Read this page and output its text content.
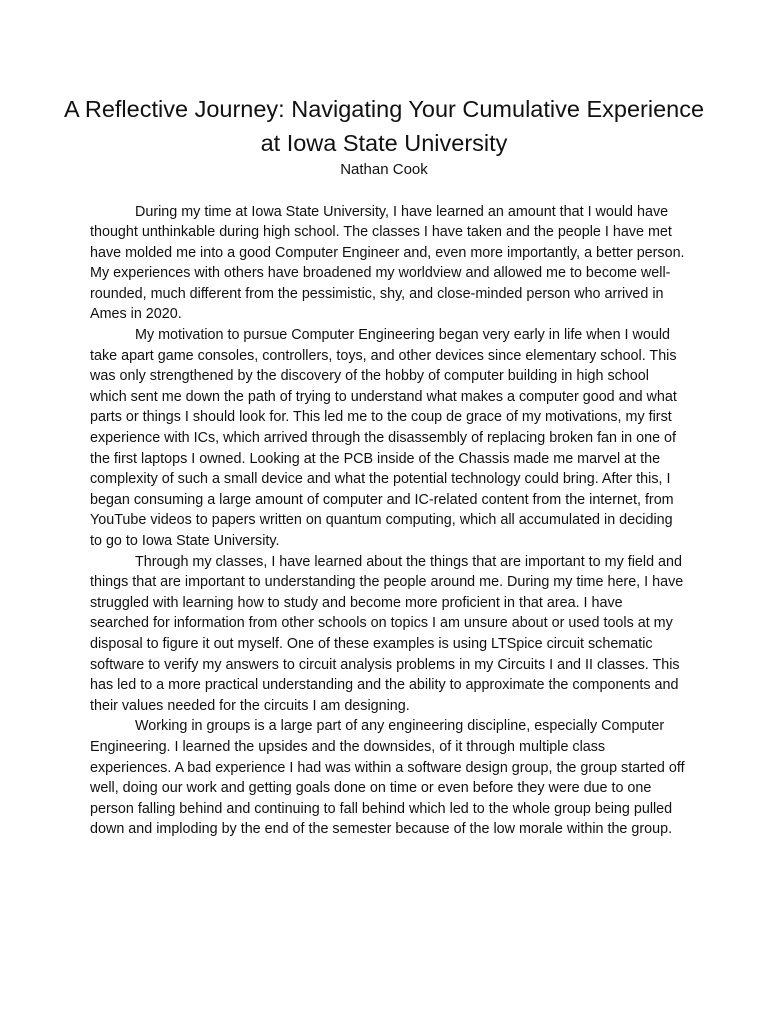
A Reflective Journey: Navigating Your Cumulative Experience at Iowa State University
Nathan Cook

During my time at Iowa State University, I have learned an amount that I would have thought unthinkable during high school. The classes I have taken and the people I have met have molded me into a good Computer Engineer and, even more importantly, a better person. My experiences with others have broadened my worldview and allowed me to become well-rounded, much different from the pessimistic, shy, and close-minded person who arrived in Ames in 2020.

My motivation to pursue Computer Engineering began very early in life when I would take apart game consoles, controllers, toys, and other devices since elementary school. This was only strengthened by the discovery of the hobby of computer building in high school which sent me down the path of trying to understand what makes a computer good and what parts or things I should look for. This led me to the coup de grace of my motivations, my first experience with ICs, which arrived through the disassembly of replacing broken fan in one of the first laptops I owned. Looking at the PCB inside of the Chassis made me marvel at the complexity of such a small device and what the potential technology could bring. After this, I began consuming a large amount of computer and IC-related content from the internet, from YouTube videos to papers written on quantum computing, which all accumulated in deciding to go to Iowa State University.

Through my classes, I have learned about the things that are important to my field and things that are important to understanding the people around me. During my time here, I have struggled with learning how to study and become more proficient in that area. I have searched for information from other schools on topics I am unsure about or used tools at my disposal to figure it out myself. One of these examples is using LTSpice circuit schematic software to verify my answers to circuit analysis problems in my Circuits I and II classes. This has led to a more practical understanding and the ability to approximate the components and their values needed for the circuits I am designing.

Working in groups is a large part of any engineering discipline, especially Computer Engineering. I learned the upsides and the downsides, of it through multiple class experiences. A bad experience I had was within a software design group, the group started off well, doing our work and getting goals done on time or even before they were due to one person falling behind and continuing to fall behind which led to the whole group being pulled down and imploding by the end of the semester because of the low morale within the group.
